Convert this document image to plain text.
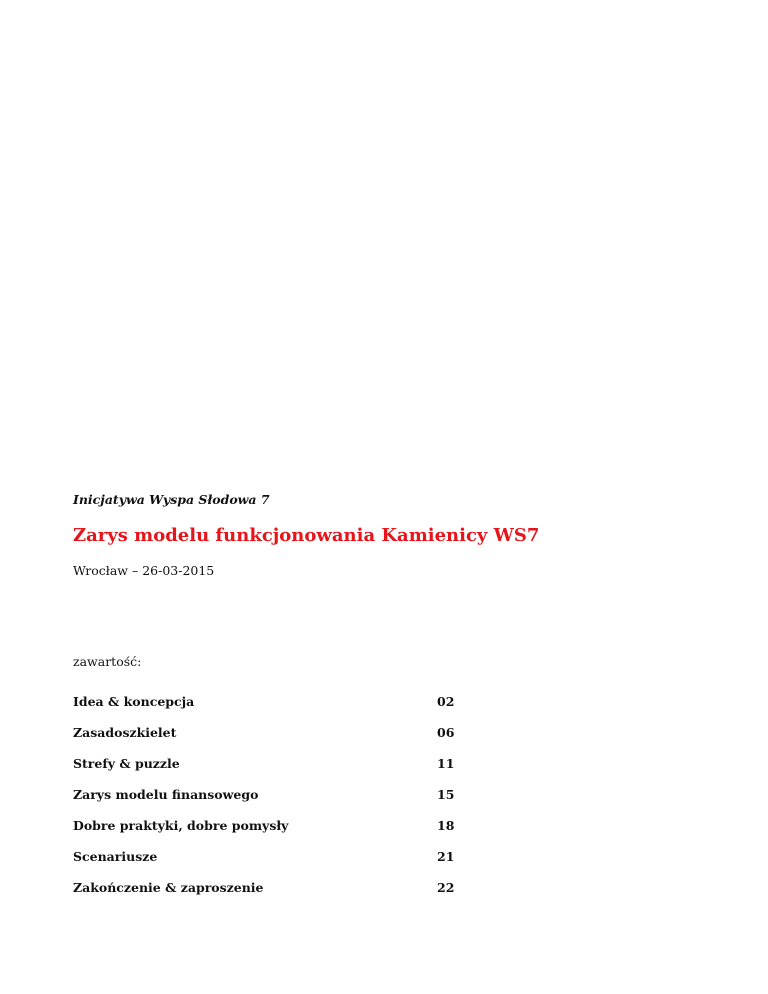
Inicjatywa Wyspa Słodowa 7
Zarys modelu funkcjonowania Kamienicy WS7
Wrocław – 26-03-2015
zawartość:
Idea & koncepcja	02
Zasadoszkielet	06
Strefy & puzzle	11
Zarys modelu finansowego	15
Dobre praktyki, dobre pomysły	18
Scenariusze	21
Zakończenie & zaproszenie	22
